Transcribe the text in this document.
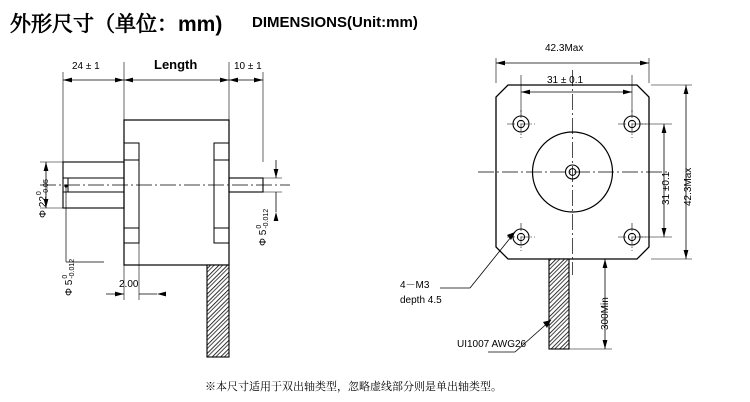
外形尺寸（单位：mm) DIMENSIONS(Unit:mm)
24 ± 1	Length	10 ± 1
Φ 22
0 -0.05
Φ 5
0 -0.012
Φ 5
0 -0.012
2.00
42.3Max
31 ± 0.1
31 ±0.1 42.3Max
4－M3
depth 4.5
UI1007 AWG26
300Min
※本尺寸适用于双出轴类型，忽略虚线部分则是单出轴类型。
